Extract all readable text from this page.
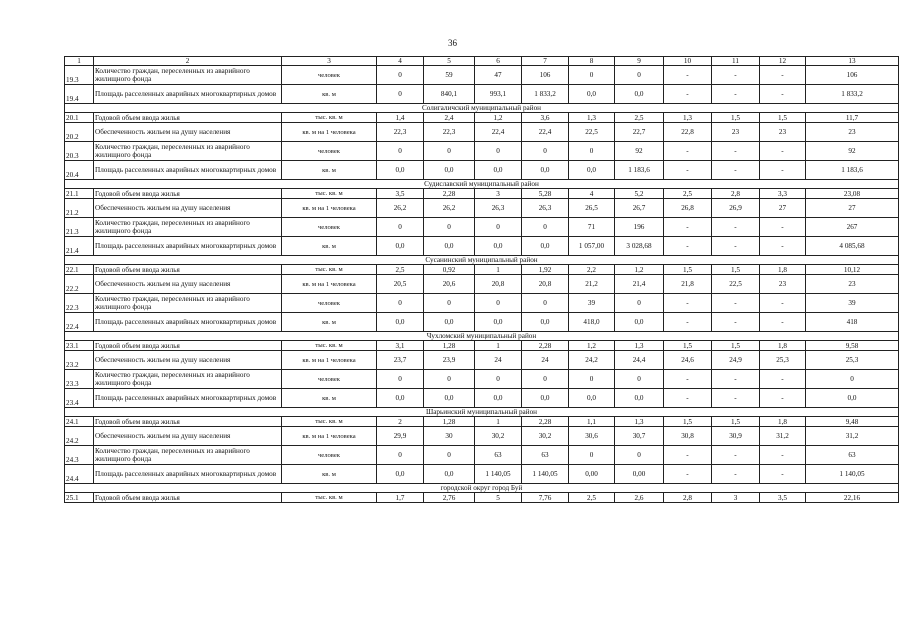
36
1	2	3	4	5	6	7	8	9	10	11	12	13
19.3	Количество граждан, переселенных из аварийного жилищного фонда	человек	0	59	47	106	0	0	-	-	-	106
19.4	Площадь расселенных аварийных многоквартирных домов	кв. м	0	840,1	993,1	1 833,2	0,0	0,0	-	-	-	1 833,2
Солигаличский муниципальный район												
20.1	Годовой объем ввода жилья	тыс. кв. м	1,4	2,4	1,2	3,6	1,3	2,5	1,3	1,5	1,5	11,7
20.2	Обеспеченность жильем на душу населения	кв. м на 1 человека	22,3	22,3	22,4	22,4	22,5	22,7	22,8	23	23	23
20.3	Количество граждан, переселенных из аварийного жилищного фонда	человек	0	0	0	0	0	92	-	-	-	92
20.4	Площадь расселенных аварийных многоквартирных домов	кв. м	0,0	0,0	0,0	0,0	0,0	1 183,6	-	-	-	1 183,6
Судиславский муниципальный район												
21.1	Годовой объем ввода жилья	тыс. кв. м	3,5	2,28	3	5,28	4	5,2	2,5	2,8	3,3	23,08
21.2	Обеспеченность жильем на душу населения	кв. м на 1 человека	26,2	26,2	26,3	26,3	26,5	26,7	26,8	26,9	27	27
21.3	Количество граждан, переселенных из аварийного жилищного фонда	человек	0	0	0	0	71	196	-	-	-	267
21.4	Площадь расселенных аварийных многоквартирных домов	кв. м	0,0	0,0	0,0	0,0	1 057,00	3 028,68	-	-	-	4 085,68
Сусанинский муниципальный район												
22.1	Годовой объем ввода жилья	тыс. кв. м	2,5	0,92	1	1,92	2,2	1,2	1,5	1,5	1,8	10,12
22.2	Обеспеченность жильем на душу населения	кв. м на 1 человека	20,5	20,6	20,8	20,8	21,2	21,4	21,8	22,5	23	23
22.3	Количество граждан, переселенных из аварийного жилищного фонда	человек	0	0	0	0	39	0	-	-	-	39
22.4	Площадь расселенных аварийных многоквартирных домов	кв. м	0,0	0,0	0,0	0,0	418,0	0,0	-	-	-	418
Чухломский муниципальный район												
23.1	Годовой объем ввода жилья	тыс. кв. м	3,1	1,28	1	2,28	1,2	1,3	1,5	1,5	1,8	9,58
23.2	Обеспеченность жильем на душу населения	кв. м на 1 человека	23,7	23,9	24	24	24,2	24,4	24,6	24,9	25,3	25,3
23.3	Количество граждан, переселенных из аварийного жилищного фонда	человек	0	0	0	0	0	0	-	-	-	0
23.4	Площадь расселенных аварийных многоквартирных домов	кв. м	0,0	0,0	0,0	0,0	0,0	0,0	-	-	-	0,0
Шарьинский муниципальный район												
24.1	Годовой объем ввода жилья	тыс. кв. м	2	1,28	1	2,28	1,1	1,3	1,5	1,5	1,8	9,48
24.2	Обеспеченность жильем на душу населения	кв. м на 1 человека	29,9	30	30,2	30,2	30,6	30,7	30,8	30,9	31,2	31,2
24.3	Количество граждан, переселенных из аварийного жилищного фонда	человек	0	0	63	63	0	0	-	-	-	63
24.4	Площадь расселенных аварийных многоквартирных домов	кв. м	0,0	0,0	1 140,05	1 140,05	0,00	0,00	-	-	-	1 140,05
городской округ город Буй												
25.1	Годовой объем ввода жилья	тыс. кв. м	1,7	2,76	5	7,76	2,5	2,6	2,8	3	3,5	22,16
